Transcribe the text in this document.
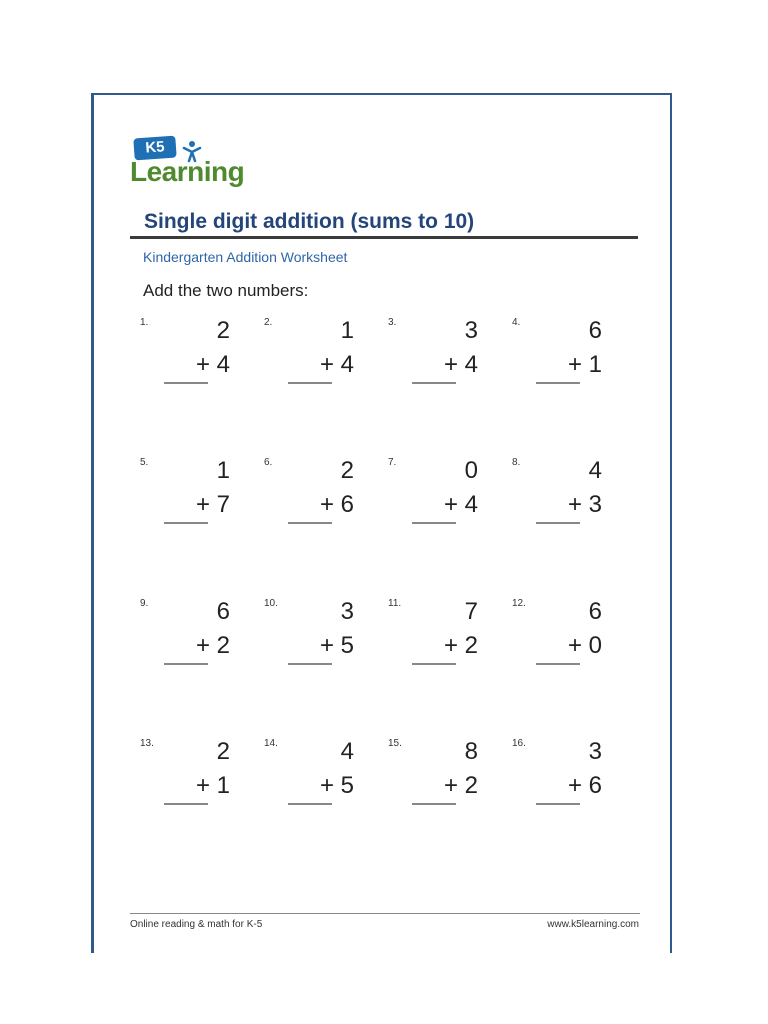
K5
Learning
Single digit addition (sums to 10)
Kindergarten Addition Worksheet
Add the two numbers:
1.	2
+ 4
2.	1
+ 4
3.	3
+ 4
4.	6
+ 1
5.	1
+ 7
6.	2
+ 6
7.	0
+ 4
8.	4
+ 3
9.	6
+ 2
10.	3
+ 5
11.	7
+ 2
12.	6
+ 0
13.	2
+ 1
14.	4
+ 5
15.	8
+ 2
16.	3
+ 6
Online reading & math for K-5	www.k5learning.com
